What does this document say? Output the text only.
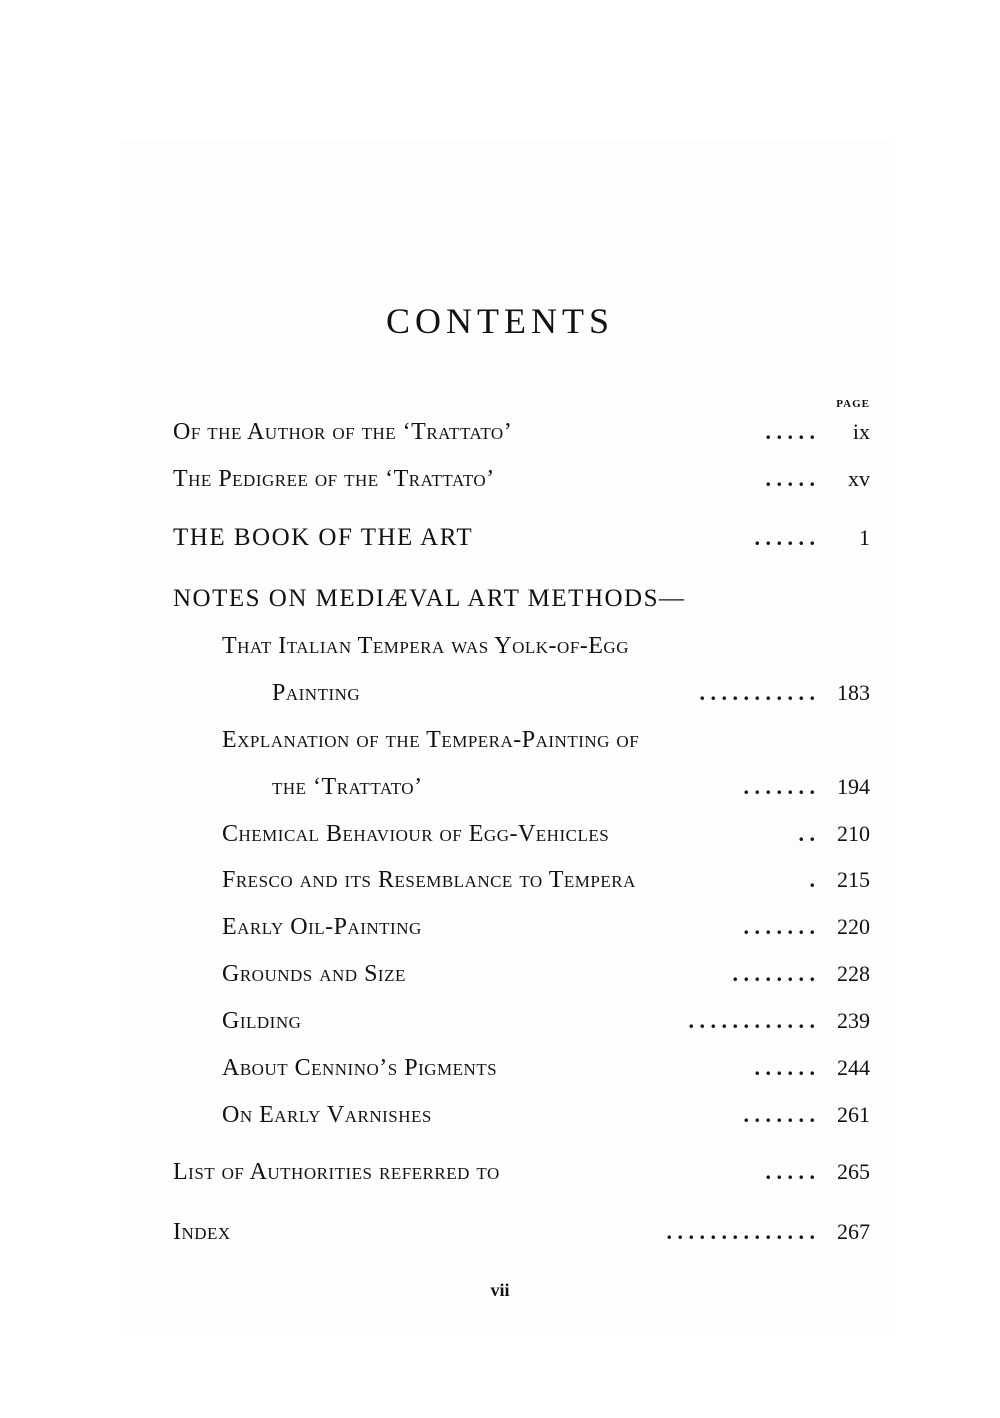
CONTENTS
PAGE
Of the Author of the ‘Trattato’	. . . . . ix
The Pedigree of the ‘Trattato’	. . . . . xv
THE BOOK OF THE ART	. . . . . . 1
NOTES ON MEDIÆVAL ART METHODS—
That Italian Tempera was Yolk-of-Egg
Painting	. . . . . . . . . . . 183
Explanation of the Tempera-Painting of
the ‘Trattato’	. . . . . . . 194
Chemical Behaviour of Egg-Vehicles	. . 210
Fresco and its Resemblance to Tempera	. 215
Early Oil-Painting	. . . . . . . 220
Grounds and Size	. . . . . . . . 228
Gilding	. . . . . . . . . . . . 239
About Cennino’s Pigments	. . . . . . 244
On Early Varnishes	. . . . . . . 261
List of Authorities referred to	. . . . . 265
Index	. . . . . . . . . . . . . . 267
vii
